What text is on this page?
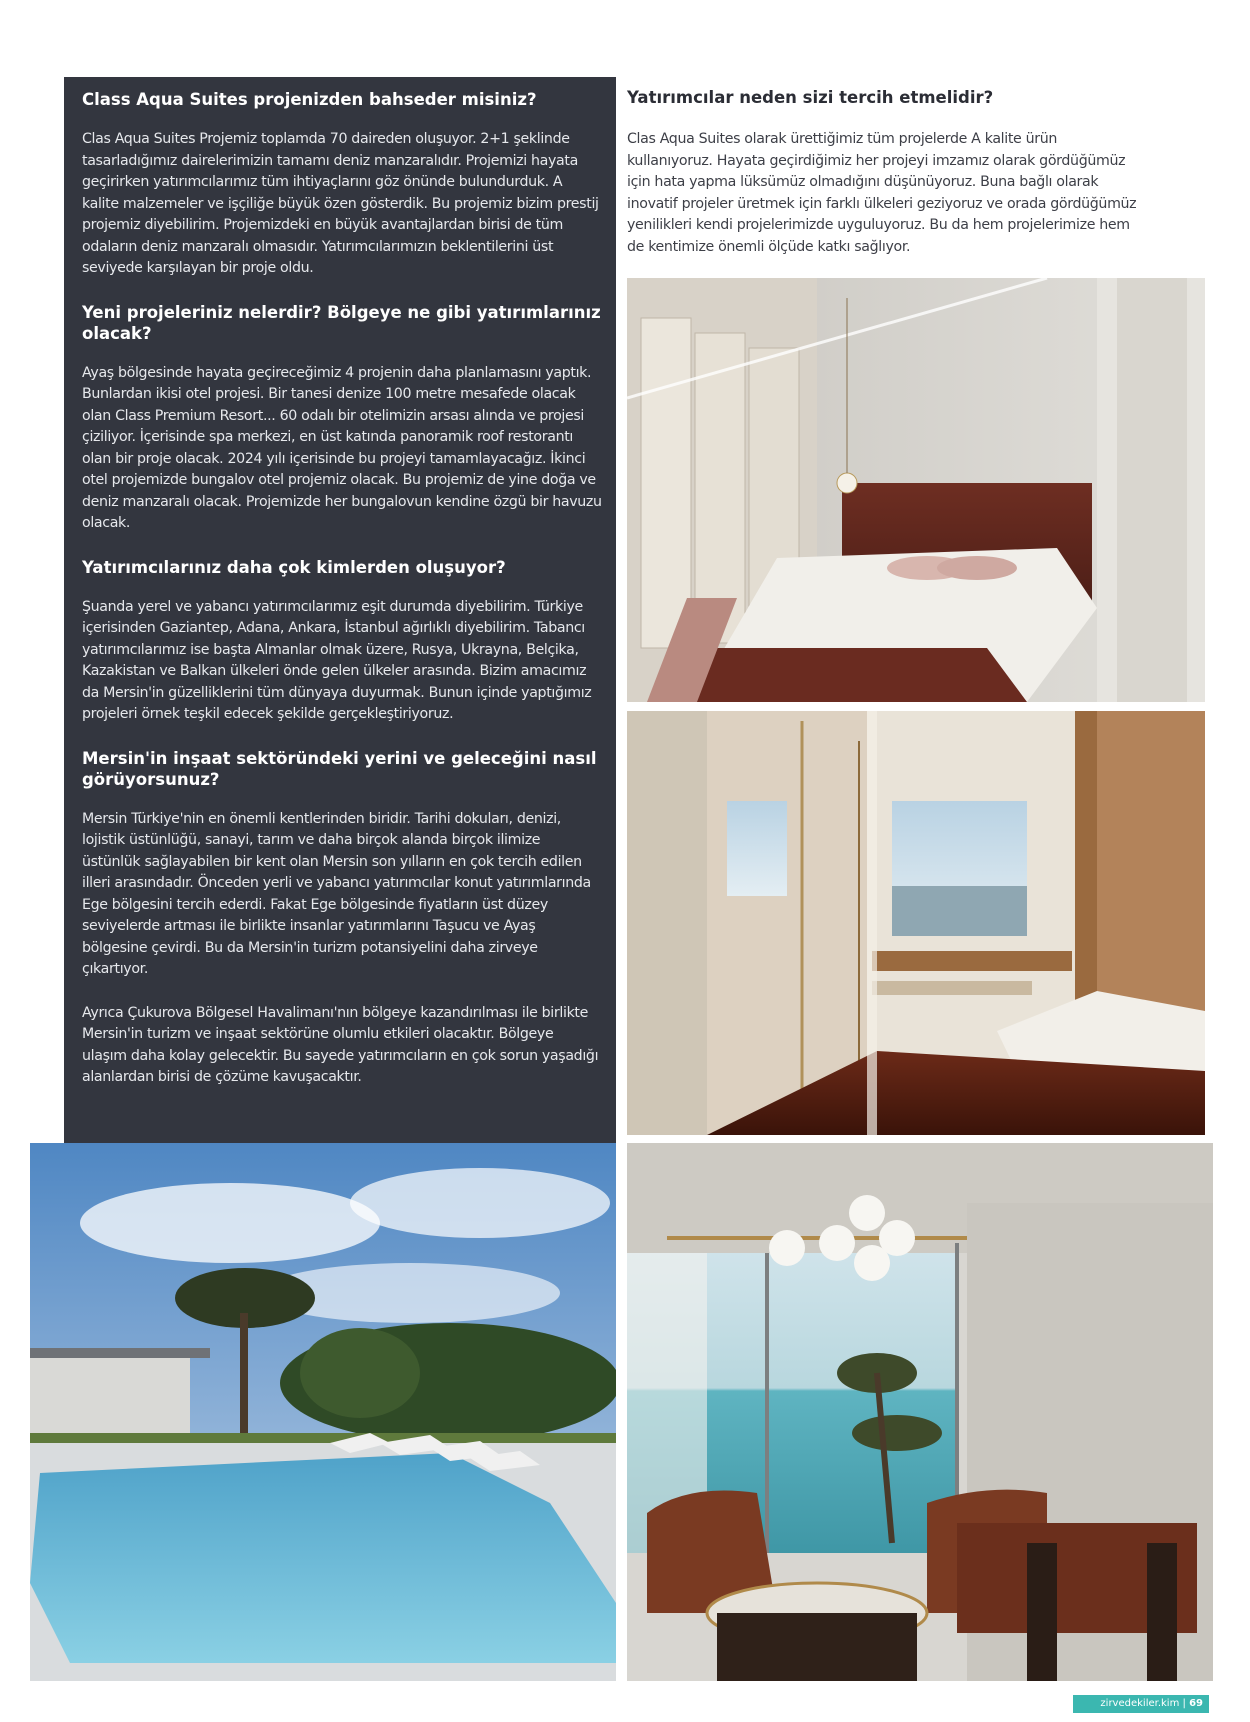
Class Aqua Suites projenizden bahseder misiniz?

Clas Aqua Suites Projemiz toplamda 70 daireden oluşuyor. 2+1 şeklinde tasarladığımız dairelerimizin tamamı deniz manzaralıdır. Projemizi hayata geçirirken yatırımcılarımız tüm ihtiyaçlarını göz önünde bulundurduk. A kalite malzemeler ve işçiliğe büyük özen gösterdik. Bu projemiz bizim prestij projemiz diyebilirim. Projemizdeki en büyük avantajlardan birisi de tüm odaların deniz manzaralı olmasıdır. Yatırımcılarımızın beklentilerini üst seviyede karşılayan bir proje oldu.

Yeni projeleriniz nelerdir? Bölgeye ne gibi yatırımlarınız olacak?

Ayaş bölgesinde hayata geçireceğimiz 4 projenin daha planlamasını yaptık. Bunlardan ikisi otel projesi. Bir tanesi denize 100 metre mesafede olacak olan Class Premium Resort... 60 odalı bir otelimizin arsası alında ve projesi çiziliyor. İçerisinde spa merkezi, en üst katında panoramik roof restorantı olan bir proje olacak. 2024 yılı içerisinde bu projeyi tamamlayacağız. İkinci otel projemizde bungalov otel projemiz olacak. Bu projemiz de yine doğa ve deniz manzaralı olacak. Projemizde her bungalovun kendine özgü bir havuzu olacak.

Yatırımcılarınız daha çok kimlerden oluşuyor?

Şuanda yerel ve yabancı yatırımcılarımız eşit durumda diyebilirim. Türkiye içerisinden Gaziantep, Adana, Ankara, İstanbul ağırlıklı diyebilirim. Tabancı yatırımcılarımız ise başta Almanlar olmak üzere, Rusya, Ukrayna, Belçika, Kazakistan ve Balkan ülkeleri önde gelen ülkeler arasında. Bizim amacımız da Mersin'in güzelliklerini tüm dünyaya duyurmak. Bunun içinde yaptığımız projeleri örnek teşkil edecek şekilde gerçekleştiriyoruz.

Mersin'in inşaat sektöründeki yerini ve geleceğini nasıl görüyorsunuz?

Mersin Türkiye'nin en önemli kentlerinden biridir. Tarihi dokuları, denizi, lojistik üstünlüğü, sanayi, tarım ve daha birçok alanda birçok ilimize üstünlük sağlayabilen bir kent olan Mersin son yılların en çok tercih edilen illeri arasındadır. Önceden yerli ve yabancı yatırımcılar konut yatırımlarında Ege bölgesini tercih ederdi. Fakat Ege bölgesinde fiyatların üst düzey seviyelerde artması ile birlikte insanlar yatırımlarını Taşucu ve Ayaş bölgesine çevirdi. Bu da Mersin'in turizm potansiyelini daha zirveye çıkartıyor.

Ayrıca Çukurova Bölgesel Havalimanı'nın bölgeye kazandırılması ile birlikte Mersin'in turizm ve inşaat sektörüne olumlu etkileri olacaktır. Bölgeye ulaşım daha kolay gelecektir. Bu sayede yatırımcıların en çok sorun yaşadığı alanlardan birisi de çözüme kavuşacaktır.

Yatırımcılar neden sizi tercih etmelidir?

Clas Aqua Suites olarak ürettiğimiz tüm projelerde A kalite ürün kullanıyoruz. Hayata geçirdiğimiz her projeyi imzamız olarak gördüğümüz için hata yapma lüksümüz olmadığını düşünüyoruz. Buna bağlı olarak inovatif projeler üretmek için farklı ülkeleri geziyoruz ve orada gördüğümüz yenilikleri kendi projelerimizde uyguluyoruz. Bu da hem projelerimize hem de kentimize önemli ölçüde katkı sağlıyor.

zirvedekiler.kim | 69
